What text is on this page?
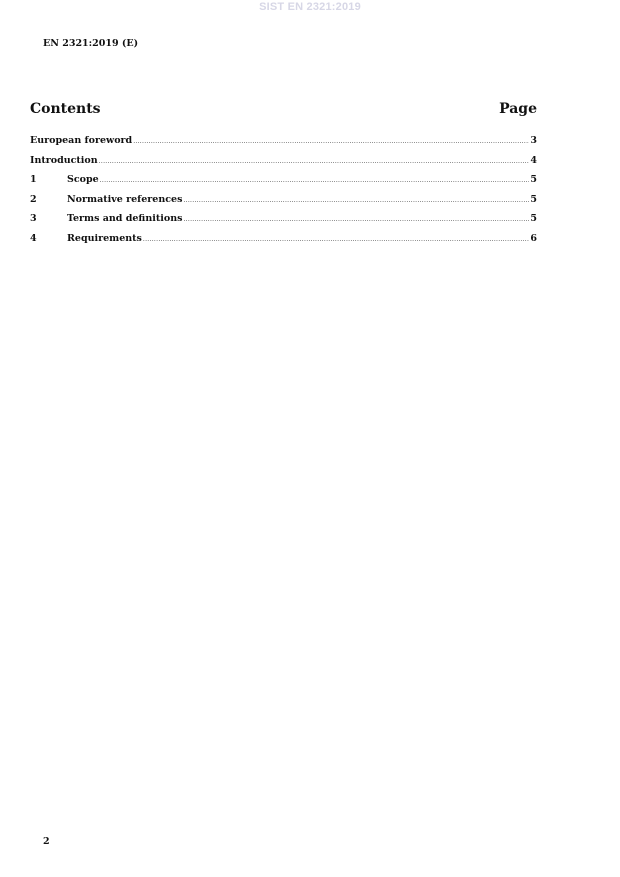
SIST EN 2321:2019
EN 2321:2019 (E)
Contents	Page
European foreword .....	3
Introduction .....	4
1	Scope .....	5
2	Normative references .....	5
3	Terms and definitions .....	5
4	Requirements .....	6
2
